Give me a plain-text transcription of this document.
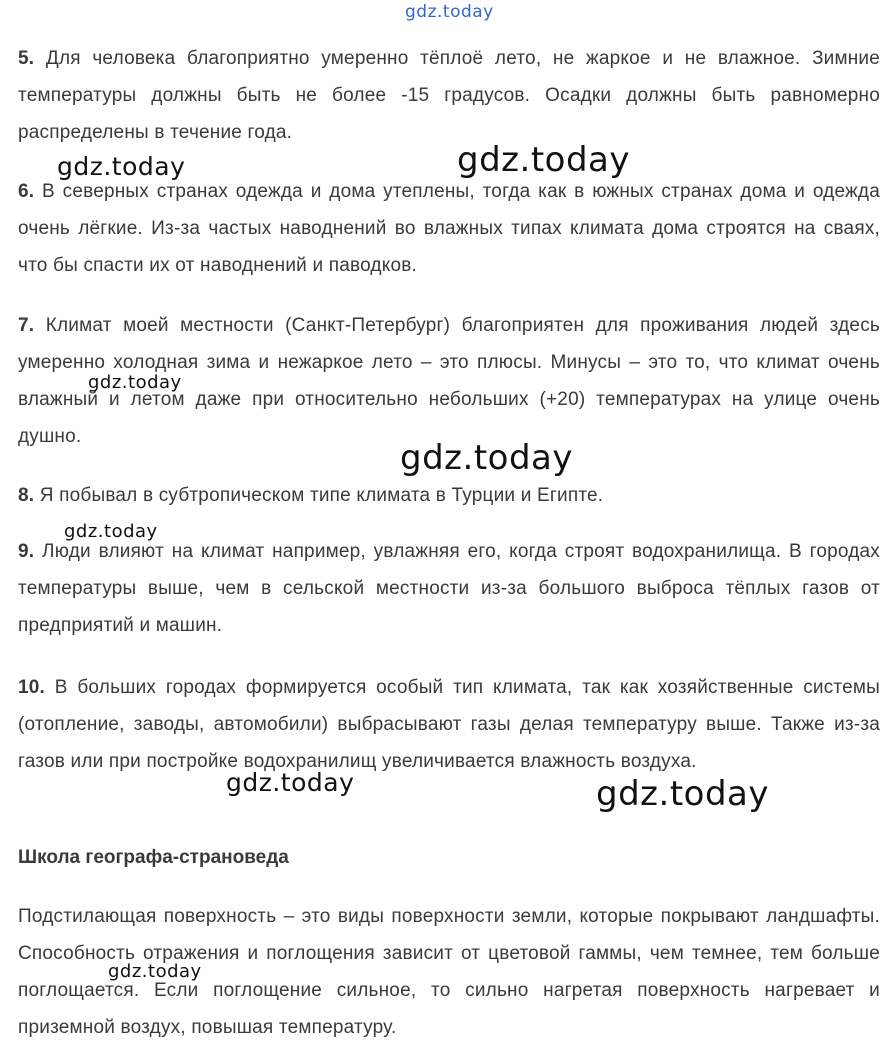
gdz.today

5. Для человека благоприятно умеренно тёплоё лето, не жаркое и не влажное. Зимние температуры должны быть не более -15 градусов. Осадки должны быть равномерно распределены в течение года.

6. В северных странах одежда и дома утеплены, тогда как в южных странах дома и одежда очень лёгкие. Из-за частых наводнений во влажных типах климата дома строятся на сваях, что бы спасти их от наводнений и паводков.

7. Климат моей местности (Санкт-Петербург) благоприятен для проживания людей здесь умеренно холодная зима и нежаркое лето – это плюсы. Минусы – это то, что климат очень влажный и летом даже при относительно небольших (+20) температурах на улице очень душно.

8. Я побывал в субтропическом типе климата в Турции и Египте.

9. Люди влияют на климат например, увлажняя его, когда строят водохранилища. В городах температуры выше, чем в сельской местности из-за большого выброса тёплых газов от предприятий и машин.

10. В больших городах формируется особый тип климата, так как хозяйственные системы (отопление, заводы, автомобили) выбрасывают газы делая температуру выше. Также из-за газов или при постройке водохранилищ увеличивается влажность воздуха.

Школа географа-страноведа

Подстилающая поверхность – это виды поверхности земли, которые покрывают ландшафты. Способность отражения и поглощения зависит от цветовой гаммы, чем темнее, тем больше поглощается. Если поглощение сильное, то сильно нагретая поверхность нагревает и приземной воздух, повышая температуру.

gdz.today	gdz.today
gdz.today
gdz.today
gdz.today
gdz.today	gdz.today
gdz.today
